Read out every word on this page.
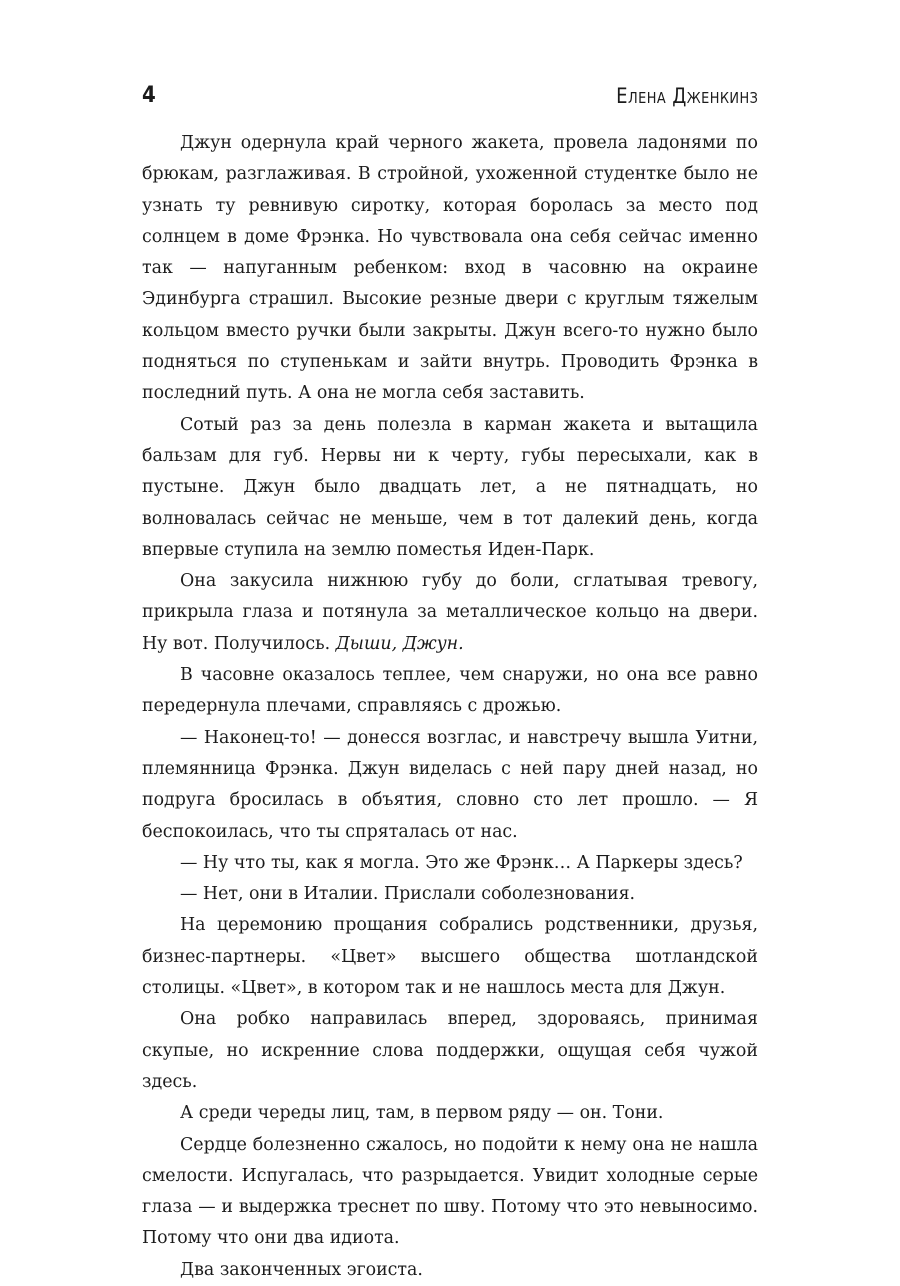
4	Елена Дженкинз

Джун одернула край черного жакета, провела ладонями по брюкам, разглаживая. В стройной, ухоженной студентке было не узнать ту ревнивую сиротку, которая боролась за место под солнцем в доме Фрэнка. Но чувствовала она себя сейчас именно так — напуганным ребенком: вход в часовню на окраине Эдинбурга страшил. Высокие резные двери с круглым тяжелым кольцом вместо ручки были закрыты. Джун всего-то нужно было подняться по ступенькам и зайти внутрь. Проводить Фрэнка в последний путь. А она не могла себя заставить.

Сотый раз за день полезла в карман жакета и вытащила бальзам для губ. Нервы ни к черту, губы пересыхали, как в пустыне. Джун было двадцать лет, а не пятнадцать, но волновалась сейчас не меньше, чем в тот далекий день, когда впервые ступила на землю поместья Иден-Парк.

Она закусила нижнюю губу до боли, сглатывая тревогу, прикрыла глаза и потянула за металлическое кольцо на двери. Ну вот. Получилось. Дыши, Джун.

В часовне оказалось теплее, чем снаружи, но она все равно передернула плечами, справляясь с дрожью.

— Наконец-то! — донесся возглас, и навстречу вышла Уитни, племянница Фрэнка. Джун виделась с ней пару дней назад, но подруга бросилась в объятия, словно сто лет прошло. — Я беспокоилась, что ты спряталась от нас.

— Ну что ты, как я могла. Это же Фрэнк… А Паркеры здесь?

— Нет, они в Италии. Прислали соболезнования.

На церемонию прощания собрались родственники, друзья, бизнес-партнеры. «Цвет» высшего общества шотландской столицы. «Цвет», в котором так и не нашлось места для Джун.

Она робко направилась вперед, здороваясь, принимая скупые, но искренние слова поддержки, ощущая себя чужой здесь.

А среди череды лиц, там, в первом ряду — он. Тони.

Сердце болезненно сжалось, но подойти к нему она не нашла смелости. Испугалась, что разрыдается. Увидит холодные серые глаза — и выдержка треснет по шву. Потому что это невыносимо. Потому что они два идиота.

Два законченных эгоиста.
